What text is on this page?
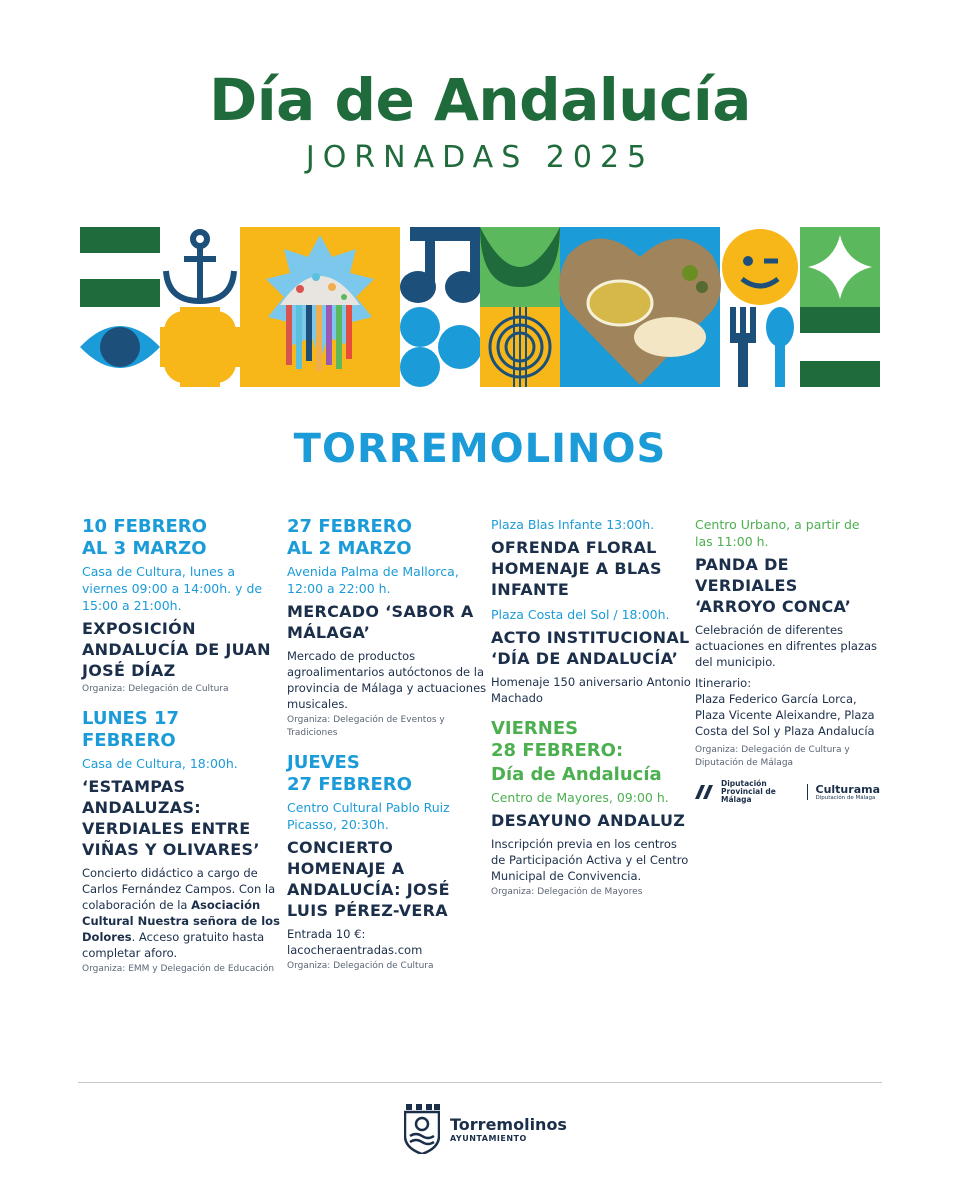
Día de Andalucía
JORNADAS 2025
TORREMOLINOS
10 FEBRERO
AL 3 MARZO
Casa de Cultura, lunes a viernes 09:00 a 14:00h. y de 15:00 a 21:00h.
EXPOSICIÓN ANDALUCÍA DE JUAN JOSÉ DÍAZ
Organiza: Delegación de Cultura
LUNES 17
FEBRERO
Casa de Cultura, 18:00h.
‘ESTAMPAS ANDALUZAS: VERDIALES ENTRE VIÑAS Y OLIVARES’
Concierto didáctico a cargo de Carlos Fernández Campos. Con la colaboración de la Asociación Cultural Nuestra señora de los Dolores. Acceso gratuito hasta completar aforo.
Organiza: EMM y Delegación de Educación
27 FEBRERO
AL 2 MARZO
Avenida Palma de Mallorca, 12:00 a 22:00 h.
MERCADO ‘SABOR A MÁLAGA’
Mercado de productos agroalimentarios autóctonos de la provincia de Málaga y actuaciones musicales.
Organiza: Delegación de Eventos y Tradiciones
JUEVES
27 FEBRERO
Centro Cultural Pablo Ruiz Picasso, 20:30h.
CONCIERTO HOMENAJE A ANDALUCÍA: JOSÉ LUIS PÉREZ-VERA
Entrada 10 €: lacocheraentradas.com
Organiza: Delegación de Cultura
Plaza Blas Infante 13:00h.
OFRENDA FLORAL HOMENAJE A BLAS INFANTE
Plaza Costa del Sol / 18:00h.
ACTO INSTITUCIONAL ‘DÍA DE ANDALUCÍA’
Homenaje 150 aniversario Antonio Machado
VIERNES
28 FEBRERO:
Día de Andalucía
Centro de Mayores, 09:00 h.
DESAYUNO ANDALUZ
Inscripción previa en los centros de Participación Activa y el Centro Municipal de Convivencia.
Organiza: Delegación de Mayores
Centro Urbano, a partir de las 11:00 h.
PANDA DE VERDIALES ‘ARROYO CONCA’
Celebración de diferentes actuaciones en difrentes plazas del municipio.
Itinerario:
Plaza Federico García Lorca, Plaza Vicente Aleixandre, Plaza Costa del Sol y Plaza Andalucía
Organiza: Delegación de Cultura y Diputación de Málaga
Diputación Provincial de Málaga
Culturama
Diputación de Málaga
Torremolinos
AYUNTAMIENTO
